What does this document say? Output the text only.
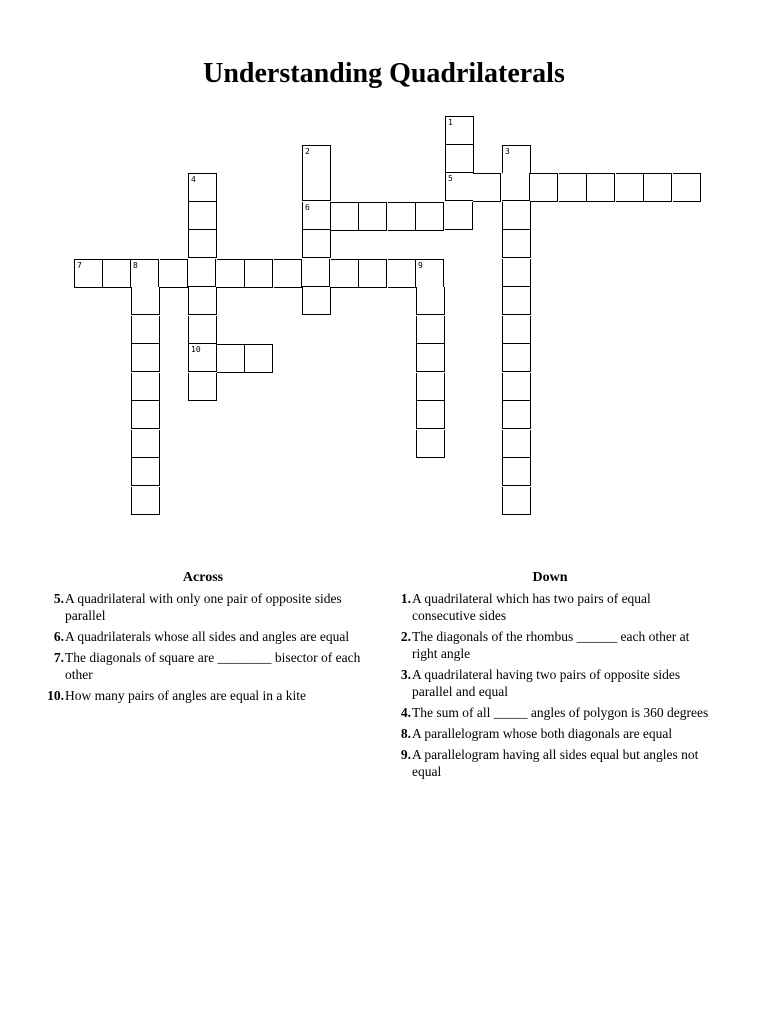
Understanding Quadrilaterals
1
5
2
6
3
4
10
7	8	9
Across
5. A quadrilateral with only one pair of opposite sides parallel
6. A quadrilaterals whose all sides and angles are equal
7. The diagonals of square are ________ bisector of each other
10. How many pairs of angles are equal in a kite
Down
1. A quadrilateral which has two pairs of equal consecutive sides
2. The diagonals of the rhombus ______ each other at right angle
3. A quadrilateral having two pairs of opposite sides parallel and equal
4. The sum of all _____ angles of polygon is 360 degrees
8. A parallelogram whose both diagonals are equal
9. A parallelogram having all sides equal but angles not equal
